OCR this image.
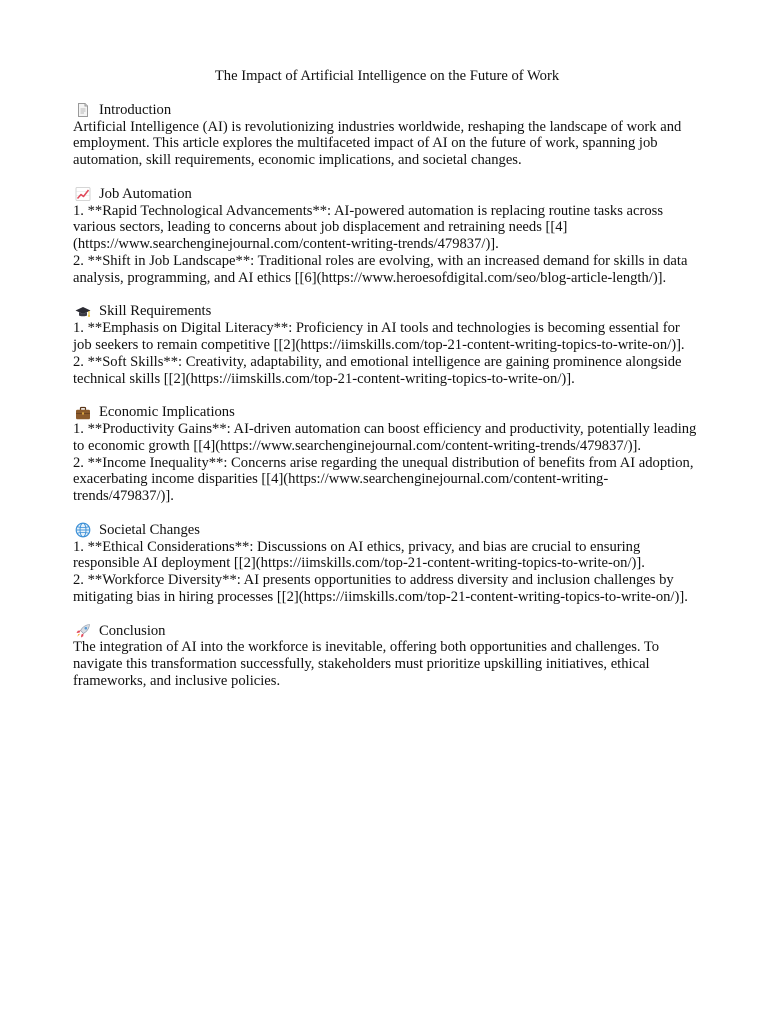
The Impact of Artificial Intelligence on the Future of Work
Introduction
Artificial Intelligence (AI) is revolutionizing industries worldwide, reshaping the landscape of work and employment. This article explores the multifaceted impact of AI on the future of work, spanning job automation, skill requirements, economic implications, and societal changes.
Job Automation
1. **Rapid Technological Advancements**: AI-powered automation is replacing routine tasks across various sectors, leading to concerns about job displacement and retraining needs [[4](https://www.searchenginejournal.com/content-writing-trends/479837/)].
2. **Shift in Job Landscape**: Traditional roles are evolving, with an increased demand for skills in data analysis, programming, and AI ethics [[6](https://www.heroesofdigital.com/seo/blog-article-length/)].
Skill Requirements
1. **Emphasis on Digital Literacy**: Proficiency in AI tools and technologies is becoming essential for job seekers to remain competitive [[2](https://iimskills.com/top-21-content-writing-topics-to-write-on/)].
2. **Soft Skills**: Creativity, adaptability, and emotional intelligence are gaining prominence alongside technical skills [[2](https://iimskills.com/top-21-content-writing-topics-to-write-on/)].
Economic Implications
1. **Productivity Gains**: AI-driven automation can boost efficiency and productivity, potentially leading to economic growth [[4](https://www.searchenginejournal.com/content-writing-trends/479837/)].
2. **Income Inequality**: Concerns arise regarding the unequal distribution of benefits from AI adoption, exacerbating income disparities [[4](https://www.searchenginejournal.com/content-writing-trends/479837/)].
Societal Changes
1. **Ethical Considerations**: Discussions on AI ethics, privacy, and bias are crucial to ensuring responsible AI deployment [[2](https://iimskills.com/top-21-content-writing-topics-to-write-on/)].
2. **Workforce Diversity**: AI presents opportunities to address diversity and inclusion challenges by mitigating bias in hiring processes [[2](https://iimskills.com/top-21-content-writing-topics-to-write-on/)].
Conclusion
The integration of AI into the workforce is inevitable, offering both opportunities and challenges. To navigate this transformation successfully, stakeholders must prioritize upskilling initiatives, ethical frameworks, and inclusive policies.
